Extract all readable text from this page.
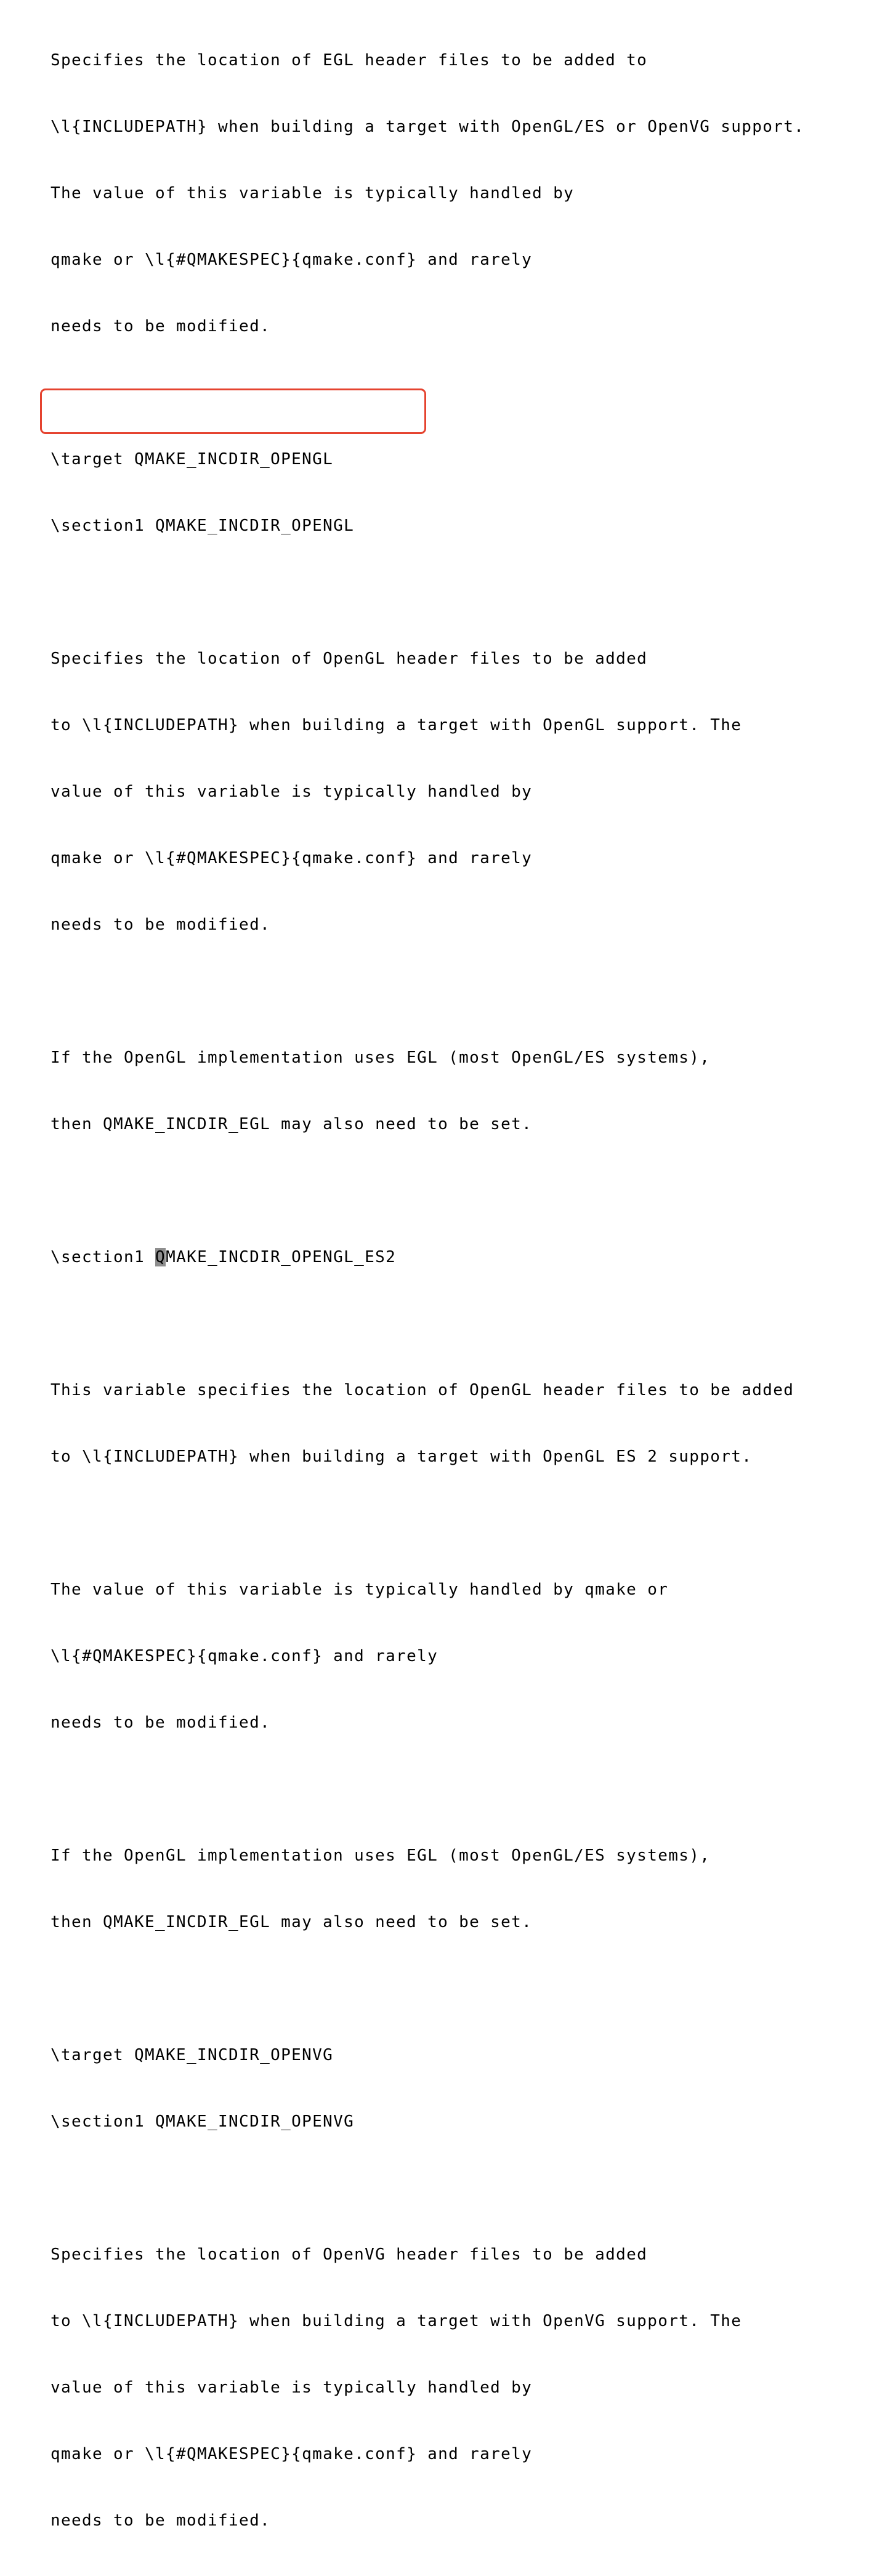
Specifies the location of EGL header files to be added to

\l{INCLUDEPATH} when building a target with OpenGL/ES or OpenVG support.

The value of this variable is typically handled by

qmake or \l{#QMAKESPEC}{qmake.conf} and rarely

needs to be modified.

\target QMAKE_INCDIR_OPENGL

\section1 QMAKE_INCDIR_OPENGL

Specifies the location of OpenGL header files to be added

to \l{INCLUDEPATH} when building a target with OpenGL support. The

value of this variable is typically handled by

qmake or \l{#QMAKESPEC}{qmake.conf} and rarely

needs to be modified.

If the OpenGL implementation uses EGL (most OpenGL/ES systems),

then QMAKE_INCDIR_EGL may also need to be set.

\section1 QMAKE_INCDIR_OPENGL_ES2

This variable specifies the location of OpenGL header files to be added

to \l{INCLUDEPATH} when building a target with OpenGL ES 2 support.

The value of this variable is typically handled by qmake or

\l{#QMAKESPEC}{qmake.conf} and rarely

needs to be modified.

If the OpenGL implementation uses EGL (most OpenGL/ES systems),

then QMAKE_INCDIR_EGL may also need to be set.

\target QMAKE_INCDIR_OPENVG

\section1 QMAKE_INCDIR_OPENVG

Specifies the location of OpenVG header files to be added

to \l{INCLUDEPATH} when building a target with OpenVG support. The

value of this variable is typically handled by

qmake or \l{#QMAKESPEC}{qmake.conf} and rarely

needs to be modified.
